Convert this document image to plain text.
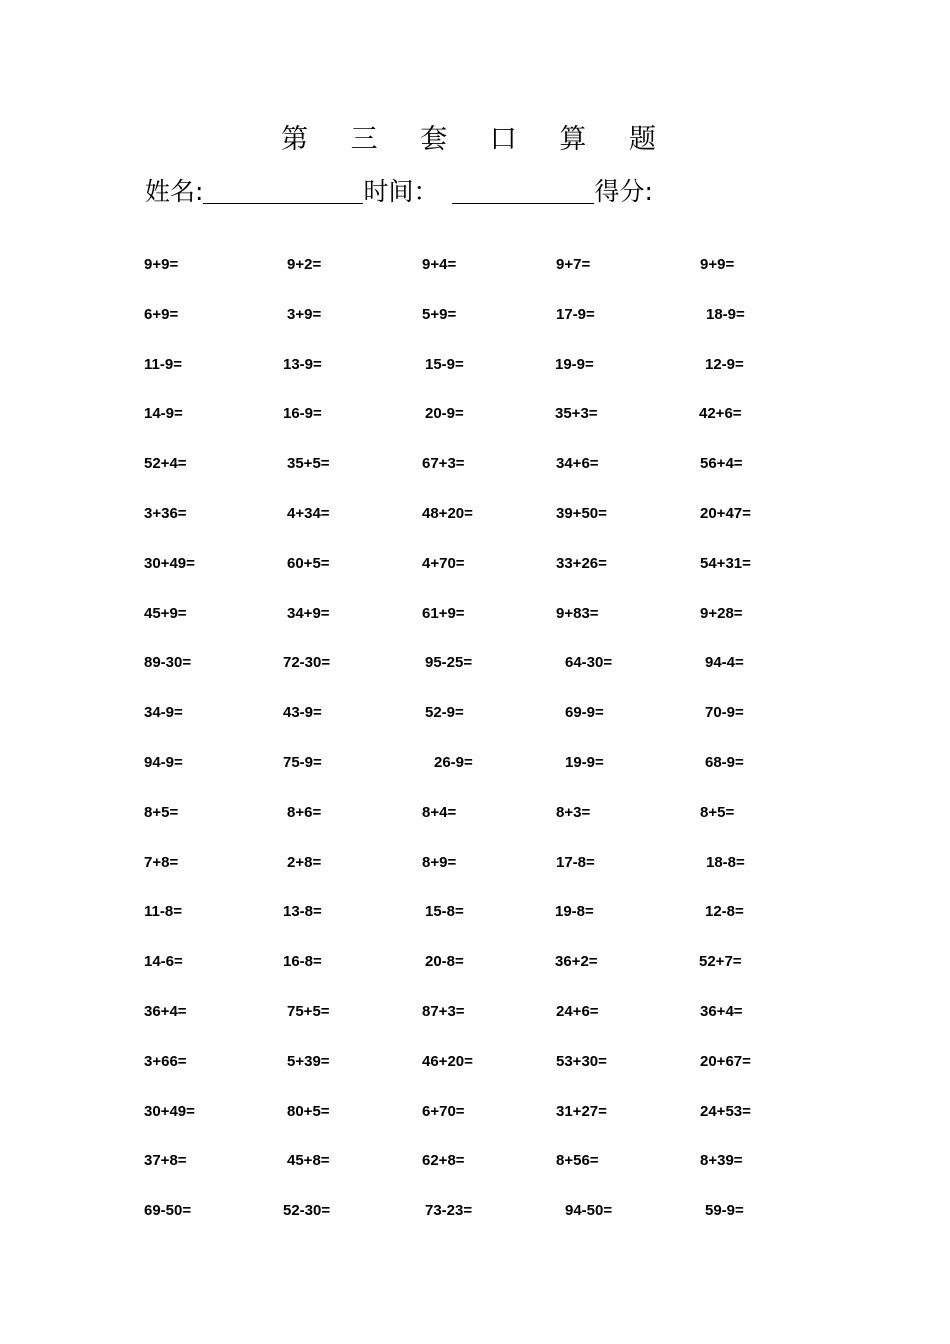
第 三 套 口 算 题
姓名:	时间：	得分:
9+9=	9+2=	9+4=	9+7=	9+9=
6+9=	3+9=	5+9=	17-9=	18-9=
11-9=	13-9=	15-9=	19-9=	12-9=
14-9=	16-9=	20-9=	35+3=	42+6=
52+4=	35+5=	67+3=	34+6=	56+4=
3+36=	4+34=	48+20=	39+50=	20+47=
30+49=	60+5=	4+70=	33+26=	54+31=
45+9=	34+9=	61+9=	9+83=	9+28=
89-30=	72-30=	95-25=	64-30=	94-4=
34-9=	43-9=	52-9=	69-9=	70-9=
94-9=	75-9=	26-9=	19-9=	68-9=
8+5=	8+6=	8+4=	8+3=	8+5=
7+8=	2+8=	8+9=	17-8=	18-8=
11-8=	13-8=	15-8=	19-8=	12-8=
14-6=	16-8=	20-8=	36+2=	52+7=
36+4=	75+5=	87+3=	24+6=	36+4=
3+66=	5+39=	46+20=	53+30=	20+67=
30+49=	80+5=	6+70=	31+27=	24+53=
37+8=	45+8=	62+8=	8+56=	8+39=
69-50=	52-30=	73-23=	94-50=	59-9=
